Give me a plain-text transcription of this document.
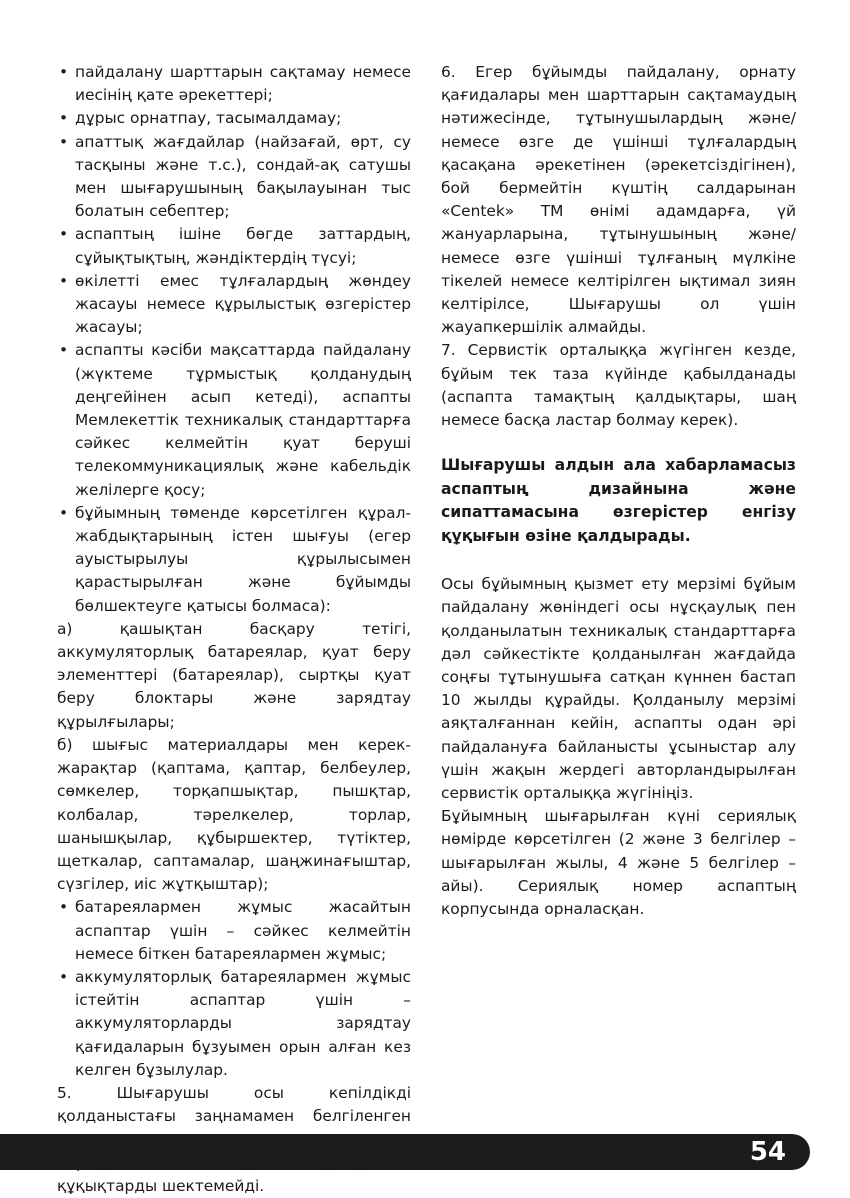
• пайдалану шарттарын сақтамау немесе иесінің қате әрекеттері;

• дұрыс орнатпау, тасымалдамау;

• апаттық жағдайлар (найзағай, өрт, су тасқыны және т.с.), сондай-ақ сатушы мен шығарушының бақылауынан тыс болатын себептер;

• аспаптың ішіне бөгде заттардың, сұйықтықтың, жәндіктердің түсуі;

• өкілетті емес тұлғалардың жөндеу жасауы немесе құрылыстық өзгерістер жасауы;

• аспапты кәсіби мақсаттарда пайдалану (жүктеме тұрмыстық қолданудың деңгейінен асып кетеді), аспапты Мемлекеттік техникалық стандарттарға сәйкес келмейтін қуат беруші телекоммуникациялық және кабельдік желілерге қосу;

• бұйымның төменде көрсетілген құрал-жабдықтарының істен шығуы (егер ауыстырылуы құрылысымен қарастырылған және бұйымды бөлшектеуге қатысы болмаса):

а) қашықтан басқару тетігі, аккумуляторлық батареялар, қуат беру элементтері (батареялар), сыртқы қуат беру блоктары және зарядтау құрылғылары;

б) шығыс материалдары мен керек-жарақтар (қаптама, қаптар, белбеулер, сөмкелер, торқапшықтар, пышқтар, колбалар, тәрелкелер, торлар, шанышқылар, құбыршектер, түтіктер, щеткалар, саптамалар, шаңжинағыштар, сүзгілер, иіс жұтқыштар);

• батареялармен жұмыс жасайтын аспаптар үшін – сәйкес келмейтін немесе біткен батареялармен жұмыс;

• аккумуляторлық батареялармен жұмыс істейтін аспаптар үшін – аккумуляторларды зарядтау қағидаларын бұзуымен орын алған кез келген бұзылулар.

5. Шығарушы осы кепілдікді қолданыстағы заңнамамен белгіленген құқықтарды шектемейді.

6. Егер бұйымды пайдалану, орнату қағидалары мен шарттарын сақтамаудың нәтижесінде, тұтынушылардың және/немесе өзге де үшінші тұлғалардың қасақана әрекетінен (әрекетсіздігінен), бой бермейтін күштің салдарынан «Centek» ТМ өнімі адамдарға, үй жануарларына, тұтынушының және/немесе өзге үшінші тұлғаның мүлкіне тікелей немесе келтірілген ықтимал зиян келтірілсе, Шығарушы ол үшін жауапкершілік алмайды.

7. Сервистік орталыққа жүгінген кезде, бұйым тек таза күйінде қабылданады (аспапта тамақтың қалдықтары, шаң немесе басқа ластар болмау керек).

Шығарушы алдын ала хабарламасыз аспаптың дизайнына және сипаттамасына өзгерістер енгізу құқығын өзіне қалдырады.

Осы бұйымның қызмет ету мерзімі бұйым пайдалану жөніндегі осы нұсқаулық пен қолданылатын техникалық стандарттарға дәл сәйкестікте қолданылған жағдайда соңғы тұтынушыға сатқан күннен бастап 10 жылды құрайды. Қолданылу мерзімі аяқталғаннан кейін, аспапты одан әрі пайдалануға байланысты ұсыныстар алу үшін жақын жердегі авторландырылған сервистік орталыққа жүгініңіз.

Бұйымның шығарылған күні сериялық нөмірде көрсетілген (2 және 3 белгілер – шығарылған жылы, 4 және 5 белгілер – айы). Сериялық номер аспаптың корпусында орналасқан.

54
